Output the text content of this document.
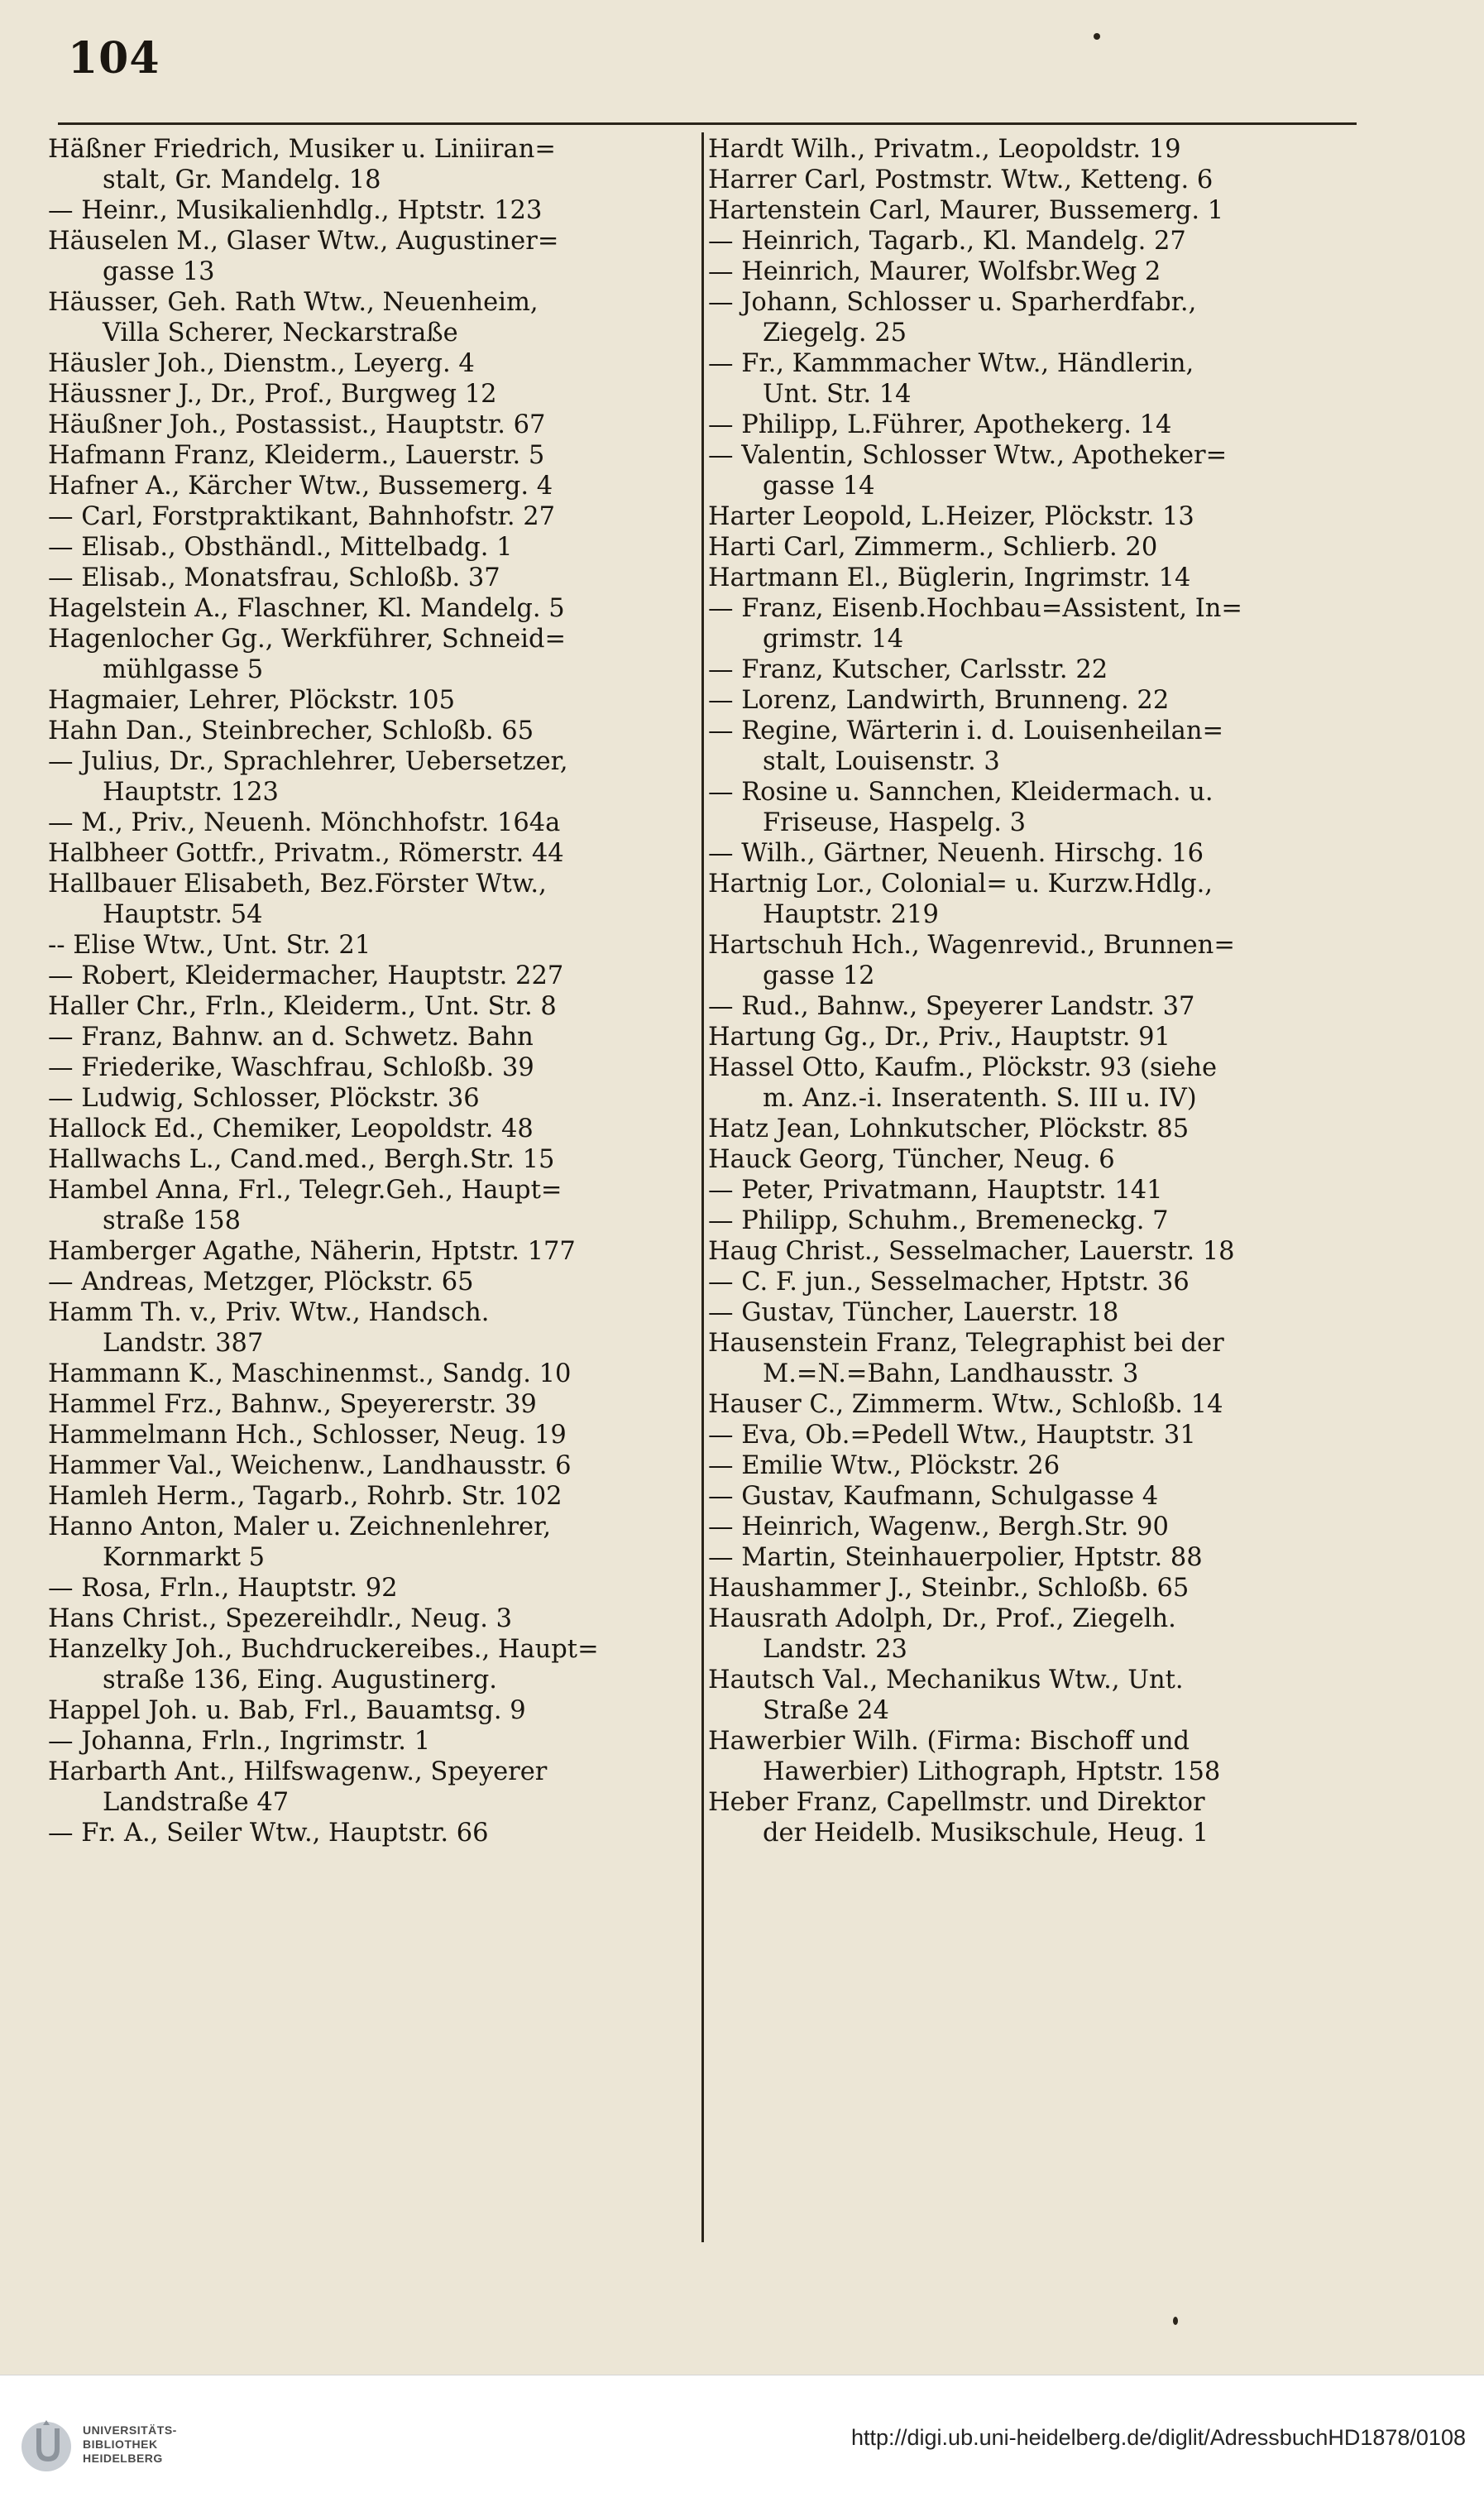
104
Häßner Friedrich, Musiker u. Liniiran=
stalt, Gr. Mandelg. 18
— Heinr., Musikalienhdlg., Hptstr. 123
Häuselen M., Glaser Wtw., Augustiner=
gasse 13
Häusser, Geh. Rath Wtw., Neuenheim,
Villa Scherer, Neckarstraße
Häusler Joh., Dienstm., Leyerg. 4
Häussner J., Dr., Prof., Burgweg 12
Häußner Joh., Postassist., Hauptstr. 67
Hafmann Franz, Kleiderm., Lauerstr. 5
Hafner A., Kärcher Wtw., Bussemerg. 4
— Carl, Forstpraktikant, Bahnhofstr. 27
— Elisab., Obsthändl., Mittelbadg. 1
— Elisab., Monatsfrau, Schloßb. 37
Hagelstein A., Flaschner, Kl. Mandelg. 5
Hagenlocher Gg., Werkführer, Schneid=
mühlgasse 5
Hagmaier, Lehrer, Plöckstr. 105
Hahn Dan., Steinbrecher, Schloßb. 65
— Julius, Dr., Sprachlehrer, Uebersetzer,
Hauptstr. 123
— M., Priv., Neuenh. Mönchhofstr. 164a
Halbheer Gottfr., Privatm., Römerstr. 44
Hallbauer Elisabeth, Bez.Förster Wtw.,
Hauptstr. 54
-- Elise Wtw., Unt. Str. 21
— Robert, Kleidermacher, Hauptstr. 227
Haller Chr., Frln., Kleiderm., Unt. Str. 8
— Franz, Bahnw. an d. Schwetz. Bahn
— Friederike, Waschfrau, Schloßb. 39
— Ludwig, Schlosser, Plöckstr. 36
Hallock Ed., Chemiker, Leopoldstr. 48
Hallwachs L., Cand.med., Bergh.Str. 15
Hambel Anna, Frl., Telegr.Geh., Haupt=
straße 158
Hamberger Agathe, Näherin, Hptstr. 177
— Andreas, Metzger, Plöckstr. 65
Hamm Th. v., Priv. Wtw., Handsch.
Landstr. 387
Hammann K., Maschinenmst., Sandg. 10
Hammel Frz., Bahnw., Speyererstr. 39
Hammelmann Hch., Schlosser, Neug. 19
Hammer Val., Weichenw., Landhausstr. 6
Hamleh Herm., Tagarb., Rohrb. Str. 102
Hanno Anton, Maler u. Zeichnenlehrer,
Kornmarkt 5
— Rosa, Frln., Hauptstr. 92
Hans Christ., Spezereihdlr., Neug. 3
Hanzelky Joh., Buchdruckereibes., Haupt=
straße 136, Eing. Augustinerg.
Happel Joh. u. Bab, Frl., Bauamtsg. 9
— Johanna, Frln., Ingrimstr. 1
Harbarth Ant., Hilfswagenw., Speyerer
Landstraße 47
— Fr. A., Seiler Wtw., Hauptstr. 66
Hardt Wilh., Privatm., Leopoldstr. 19
Harrer Carl, Postmstr. Wtw., Ketteng. 6
Hartenstein Carl, Maurer, Bussemerg. 1
— Heinrich, Tagarb., Kl. Mandelg. 27
— Heinrich, Maurer, Wolfsbr.Weg 2
— Johann, Schlosser u. Sparherdfabr.,
Ziegelg. 25
— Fr., Kammmacher Wtw., Händlerin,
Unt. Str. 14
— Philipp, L.Führer, Apothekerg. 14
— Valentin, Schlosser Wtw., Apotheker=
gasse 14
Harter Leopold, L.Heizer, Plöckstr. 13
Harti Carl, Zimmerm., Schlierb. 20
Hartmann El., Büglerin, Ingrimstr. 14
— Franz, Eisenb.Hochbau=Assistent, In=
grimstr. 14
— Franz, Kutscher, Carlsstr. 22
— Lorenz, Landwirth, Brunneng. 22
— Regine, Wärterin i. d. Louisenheilan=
stalt, Louisenstr. 3
— Rosine u. Sannchen, Kleidermach. u.
Friseuse, Haspelg. 3
— Wilh., Gärtner, Neuenh. Hirschg. 16
Hartnig Lor., Colonial= u. Kurzw.Hdlg.,
Hauptstr. 219
Hartschuh Hch., Wagenrevid., Brunnen=
gasse 12
— Rud., Bahnw., Speyerer Landstr. 37
Hartung Gg., Dr., Priv., Hauptstr. 91
Hassel Otto, Kaufm., Plöckstr. 93 (siehe
m. Anz.-i. Inseratenth. S. III u. IV)
Hatz Jean, Lohnkutscher, Plöckstr. 85
Hauck Georg, Tüncher, Neug. 6
— Peter, Privatmann, Hauptstr. 141
— Philipp, Schuhm., Bremeneckg. 7
Haug Christ., Sesselmacher, Lauerstr. 18
— C. F. jun., Sesselmacher, Hptstr. 36
— Gustav, Tüncher, Lauerstr. 18
Hausenstein Franz, Telegraphist bei der
M.=N.=Bahn, Landhausstr. 3
Hauser C., Zimmerm. Wtw., Schloßb. 14
— Eva, Ob.=Pedell Wtw., Hauptstr. 31
— Emilie Wtw., Plöckstr. 26
— Gustav, Kaufmann, Schulgasse 4
— Heinrich, Wagenw., Bergh.Str. 90
— Martin, Steinhauerpolier, Hptstr. 88
Haushammer J., Steinbr., Schloßb. 65
Hausrath Adolph, Dr., Prof., Ziegelh.
Landstr. 23
Hautsch Val., Mechanikus Wtw., Unt.
Straße 24
Hawerbier Wilh. (Firma: Bischoff und
Hawerbier) Lithograph, Hptstr. 158
Heber Franz, Capellmstr. und Direktor
der Heidelb. Musikschule, Heug. 1
UNIVERSITÄTS-
BIBLIOTHEK
HEIDELBERG
http://digi.ub.uni-heidelberg.de/diglit/AdressbuchHD1878/0108
